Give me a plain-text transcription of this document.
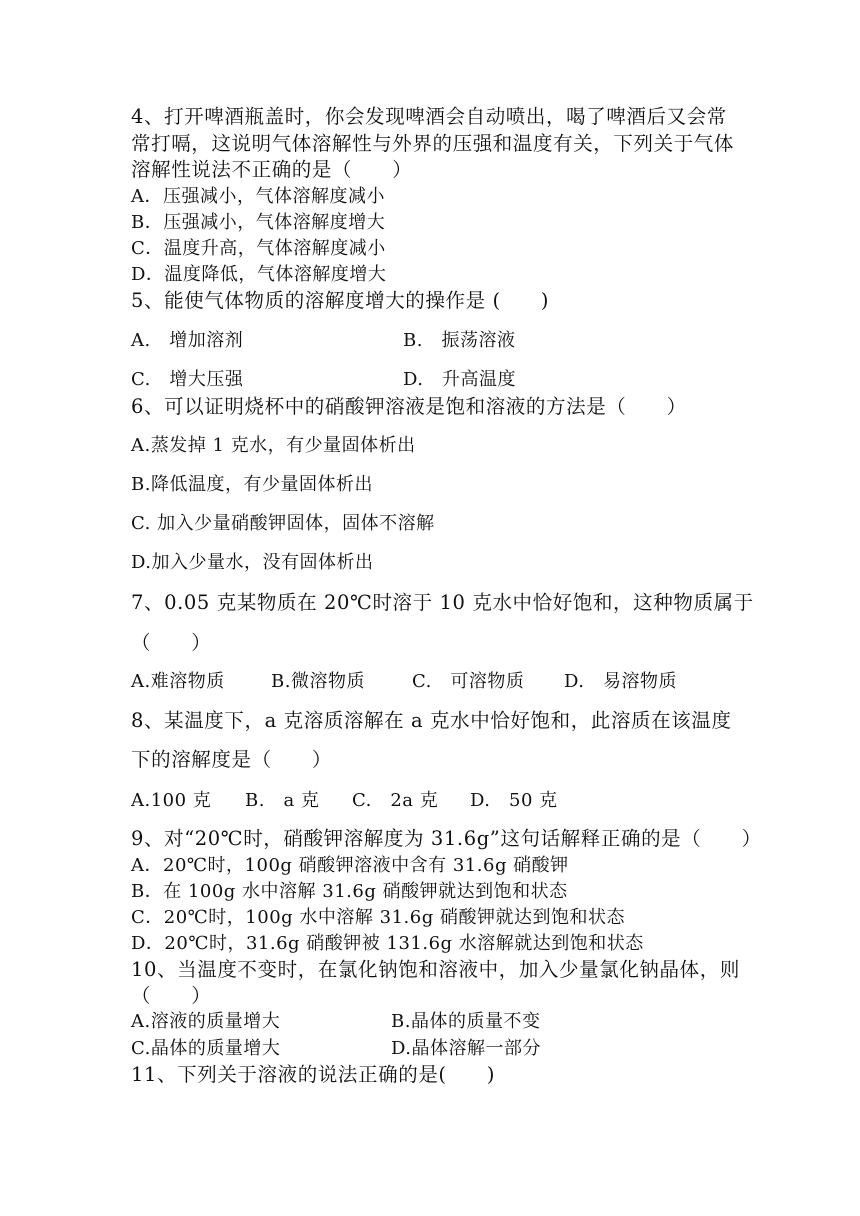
4、打开啤酒瓶盖时，你会发现啤酒会自动喷出，喝了啤酒后又会常
常打嗝，这说明气体溶解性与外界的压强和温度有关，下列关于气体
溶解性说法不正确的是（　　）
A．压强减小，气体溶解度减小
B．压强减小，气体溶解度增大
C．温度升高，气体溶解度减小
D．温度降低，气体溶解度增大
5、能使气体物质的溶解度增大的操作是 (　　)
A.　增加溶剂	B.　振荡溶液
C.　增大压强	D.　升高温度
6、可以证明烧杯中的硝酸钾溶液是饱和溶液的方法是（　　）
A.蒸发掉 1 克水，有少量固体析出
B.降低温度，有少量固体析出
C. 加入少量硝酸钾固体，固体不溶解
D.加入少量水，没有固体析出
7、0.05 克某物质在 20℃时溶于 10 克水中恰好饱和，这种物质属于
（　　）
A.难溶物质	B.微溶物质	C.　可溶物质 D.　易溶物质
8、某温度下，a 克溶质溶解在 a 克水中恰好饱和，此溶质在该温度
下的溶解度是（　　）
A.100 克 B.　a 克 C.　2a 克 D.　50 克
9、对“20℃时，硝酸钾溶解度为 31.6g”这句话解释正确的是（　　）
A．20℃时，100g 硝酸钾溶液中含有 31.6g 硝酸钾
B．在 100g 水中溶解 31.6g 硝酸钾就达到饱和状态
C．20℃时，100g 水中溶解 31.6g 硝酸钾就达到饱和状态
D．20℃时，31.6g 硝酸钾被 131.6g 水溶解就达到饱和状态
10、当温度不变时，在氯化钠饱和溶液中，加入少量氯化钠晶体，则
（　　）
A.溶液的质量增大	B.晶体的质量不变
C.晶体的质量增大	D.晶体溶解一部分
11、下列关于溶液的说法正确的是(　　)
